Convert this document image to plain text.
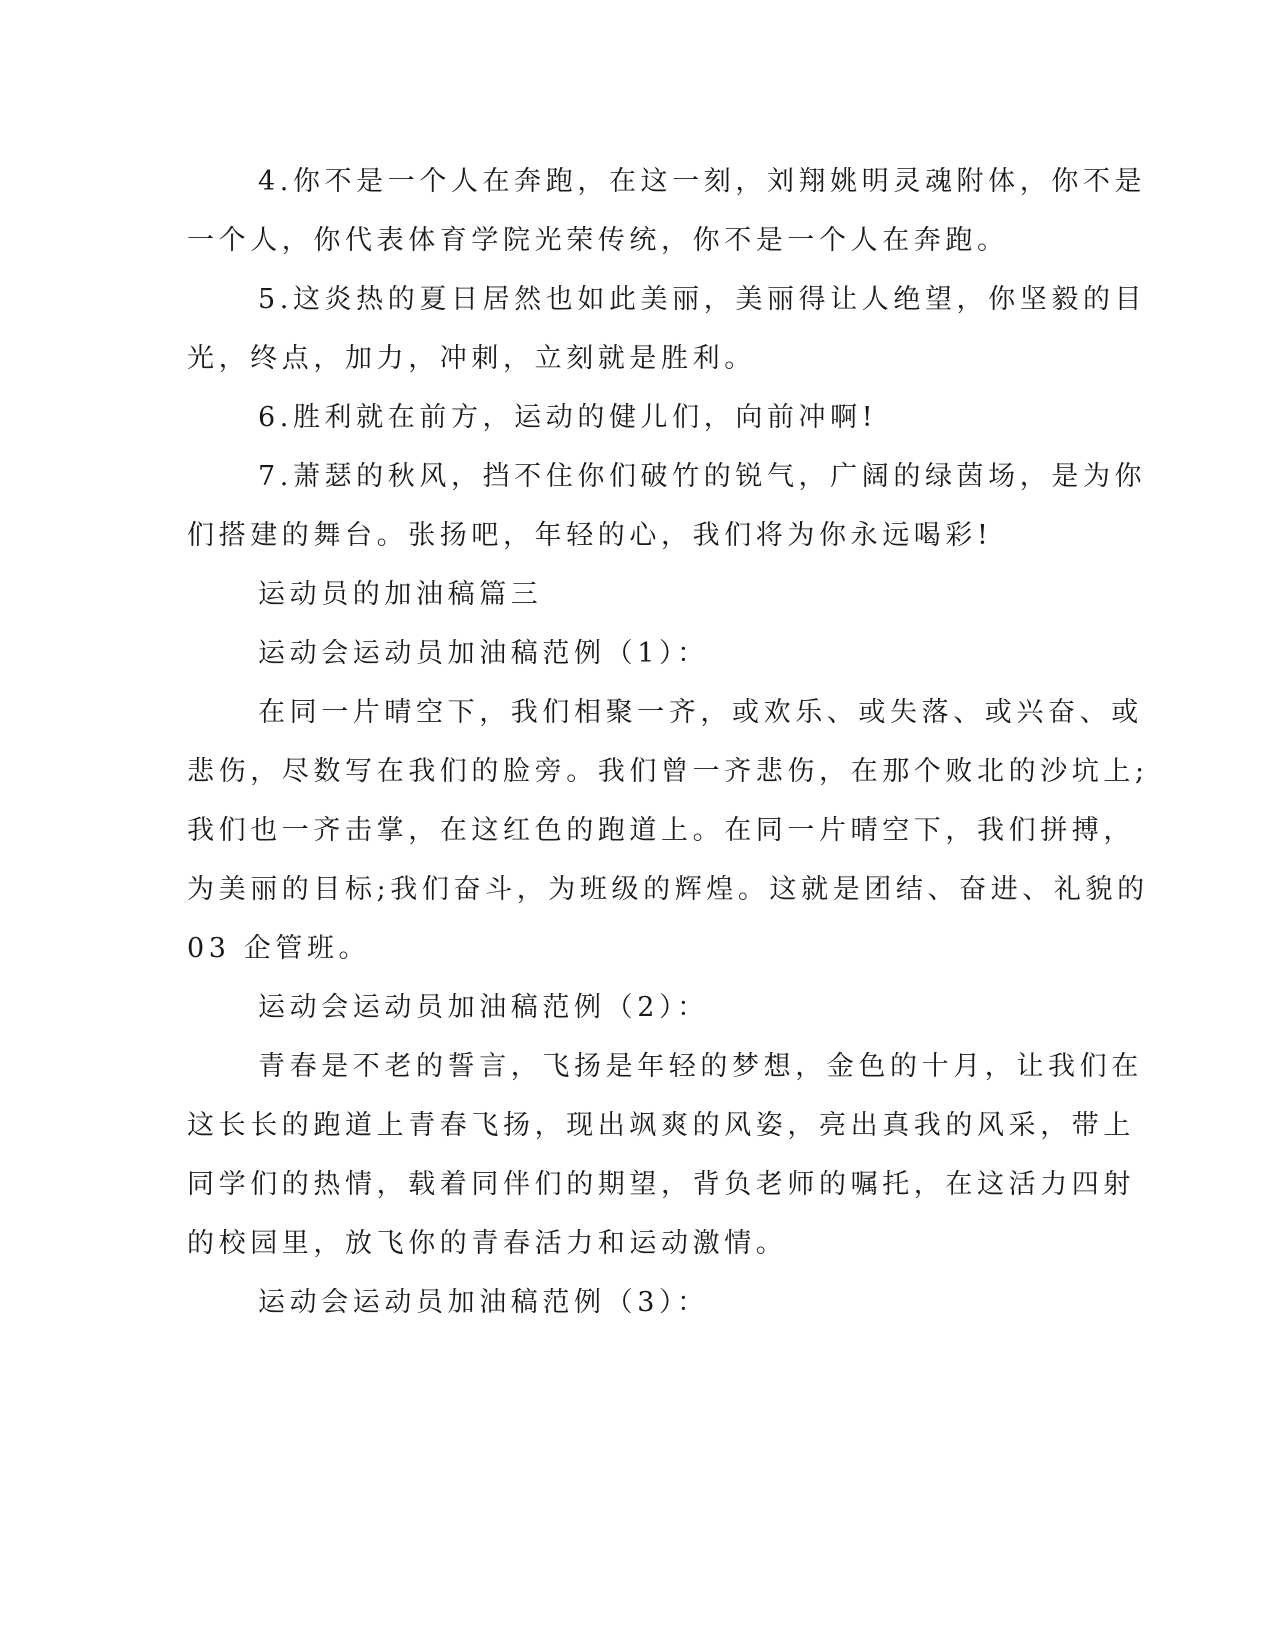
4.你不是一个人在奔跑，在这一刻，刘翔姚明灵魂附体，你不是
一个人，你代表体育学院光荣传统，你不是一个人在奔跑。
5.这炎热的夏日居然也如此美丽，美丽得让人绝望，你坚毅的目
光，终点，加力，冲刺，立刻就是胜利。
6.胜利就在前方，运动的健儿们，向前冲啊!
7.萧瑟的秋风，挡不住你们破竹的锐气，广阔的绿茵场，是为你
们搭建的舞台。张扬吧，年轻的心，我们将为你永远喝彩!
运动员的加油稿篇三
运动会运动员加油稿范例（1）：
在同一片晴空下，我们相聚一齐，或欢乐、或失落、或兴奋、或
悲伤，尽数写在我们的脸旁。我们曾一齐悲伤，在那个败北的沙坑上;
我们也一齐击掌，在这红色的跑道上。在同一片晴空下，我们拼搏，
为美丽的目标;我们奋斗，为班级的辉煌。这就是团结、奋进、礼貌的
03 企管班。
运动会运动员加油稿范例（2）：
青春是不老的誓言，飞扬是年轻的梦想，金色的十月，让我们在
这长长的跑道上青春飞扬，现出飒爽的风姿，亮出真我的风采，带上
同学们的热情，载着同伴们的期望，背负老师的嘱托，在这活力四射
的校园里，放飞你的青春活力和运动激情。
运动会运动员加油稿范例（3）：
